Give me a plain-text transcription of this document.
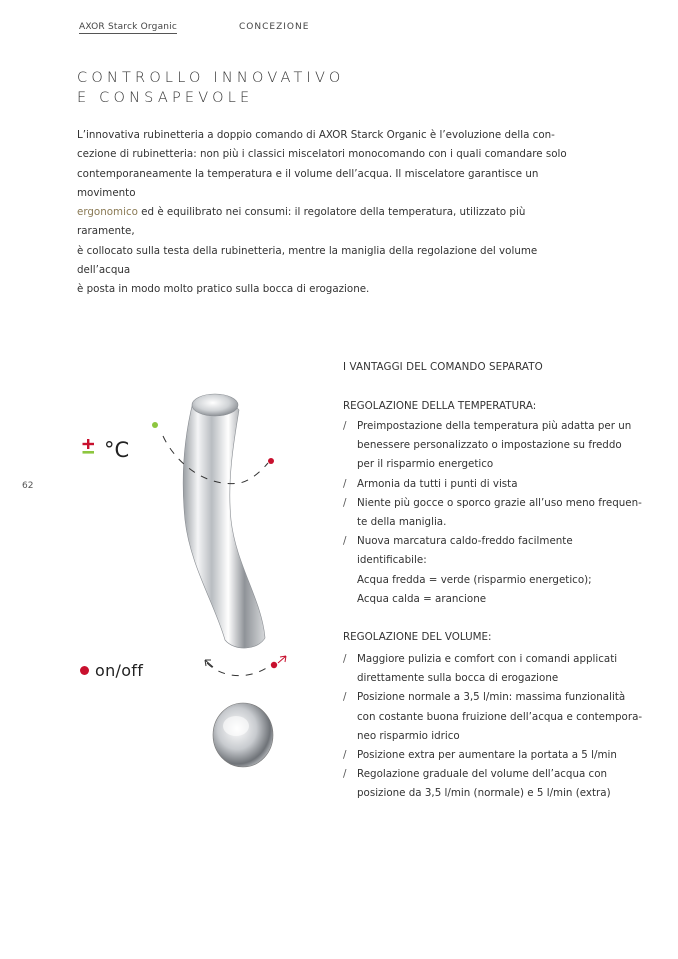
AXOR Starck Organic	CONCEZIONE
CONTROLLO INNOVATIVO
E CONSAPEVOLE
L’innovativa rubinetteria a doppio comando di AXOR Starck Organic è l’evoluzione della con-
cezione di rubinetteria: non più i classici miscelatori monocomando con i quali comandare solo
contemporaneamente la temperatura e il volume dell’acqua. Il miscelatore garantisce un movimento
ergonomico ed è equilibrato nei consumi: il regolatore della temperatura, utilizzato più raramente,
è collocato sulla testa della rubinetteria, mentre la maniglia della regolazione del volume dell’acqua
è posta in modo molto pratico sulla bocca di erogazione.
62
°C
on/off
I VANTAGGI DEL COMANDO SEPARATO
REGOLAZIONE DELLA TEMPERATURA:
/ Preimpostazione della temperatura più adatta per un
benessere personalizzato o impostazione su freddo
per il risparmio energetico
/ Armonia da tutti i punti di vista
/ Niente più gocce o sporco grazie all’uso meno frequen-
te della maniglia.
/ Nuova marcatura caldo-freddo facilmente identificabile:
Acqua fredda = verde (risparmio energetico);
Acqua calda = arancione
REGOLAZIONE DEL VOLUME:
/ Maggiore pulizia e comfort con i comandi applicati
direttamente sulla bocca di erogazione
/ Posizione normale a 3,5 l/min: massima funzionalità
con costante buona fruizione dell’acqua e contempora-
neo risparmio idrico
/ Posizione extra per aumentare la portata a 5 l/min
/ Regolazione graduale del volume dell’acqua con
posizione da 3,5 l/min (normale) e 5 l/min (extra)
